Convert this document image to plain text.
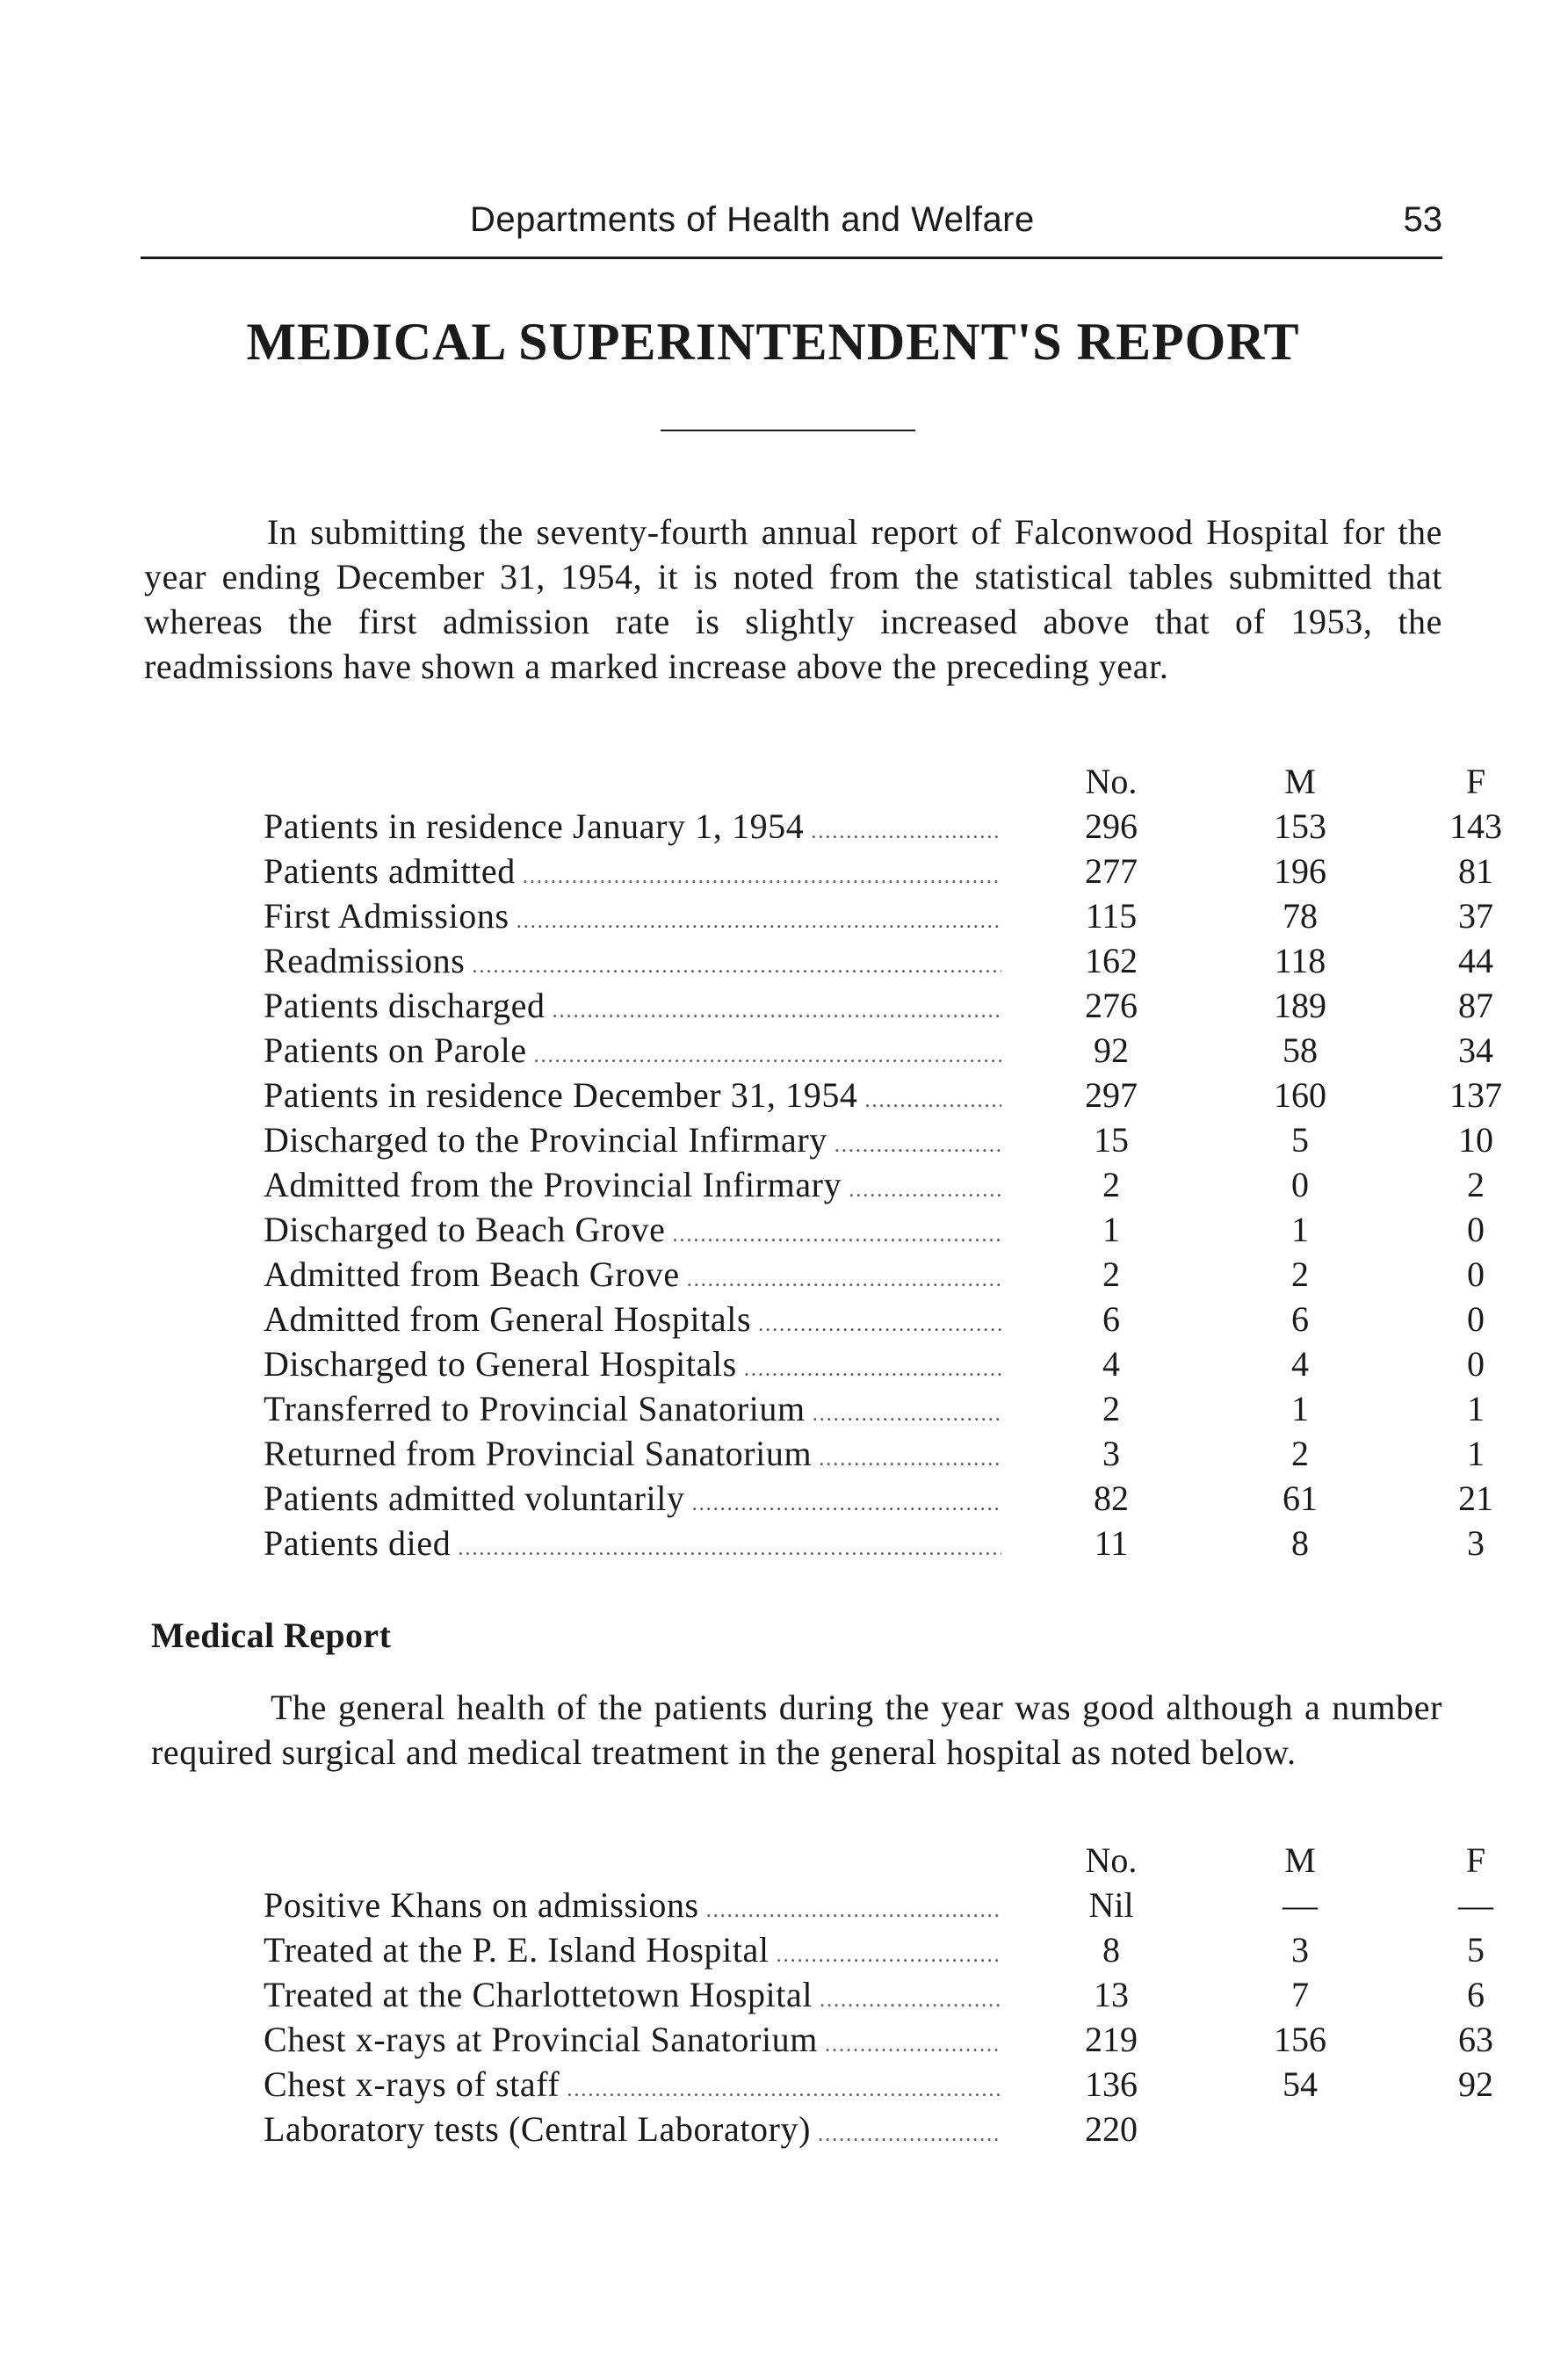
Departments of Health and Welfare	53
MEDICAL SUPERINTENDENT'S REPORT
In submitting the seventy-fourth annual report of Falconwood Hospital for the year ending December 31, 1954, it is noted from the statistical tables submitted that whereas the first admission rate is slightly increased above that of 1953, the readmissions have shown a marked increase above the preceding year.
No.	M	F
Patients in residence January 1, 1954 .....	296	153	143
Patients admitted .....	277	196	81
First Admissions .....	115	78	37
Readmissions .....	162	118	44
Patients discharged .....	276	189	87
Patients on Parole .....	92	58	34
Patients in residence December 31, 1954 .....	297	160	137
Discharged to the Provincial Infirmary .....	15	5	10
Admitted from the Provincial Infirmary .....	2	0	2
Discharged to Beach Grove .....	1	1	0
Admitted from Beach Grove .....	2	2	0
Admitted from General Hospitals .....	6	6	0
Discharged to General Hospitals .....	4	4	0
Transferred to Provincial Sanatorium .....	2	1	1
Returned from Provincial Sanatorium .....	3	2	1
Patients admitted voluntarily .....	82	61	21
Patients died .....	11	8	3
Medical Report
The general health of the patients during the year was good although a number required surgical and medical treatment in the general hospital as noted below.
No.	M	F
Positive Khans on admissions .....	Nil	—	—
Treated at the P. E. Island Hospital .....	8	3	5
Treated at the Charlottetown Hospital .....	13	7	6
Chest x-rays at Provincial Sanatorium .....	219	156	63
Chest x-rays of staff .....	136	54	92
Laboratory tests (Central Laboratory) .....	220
